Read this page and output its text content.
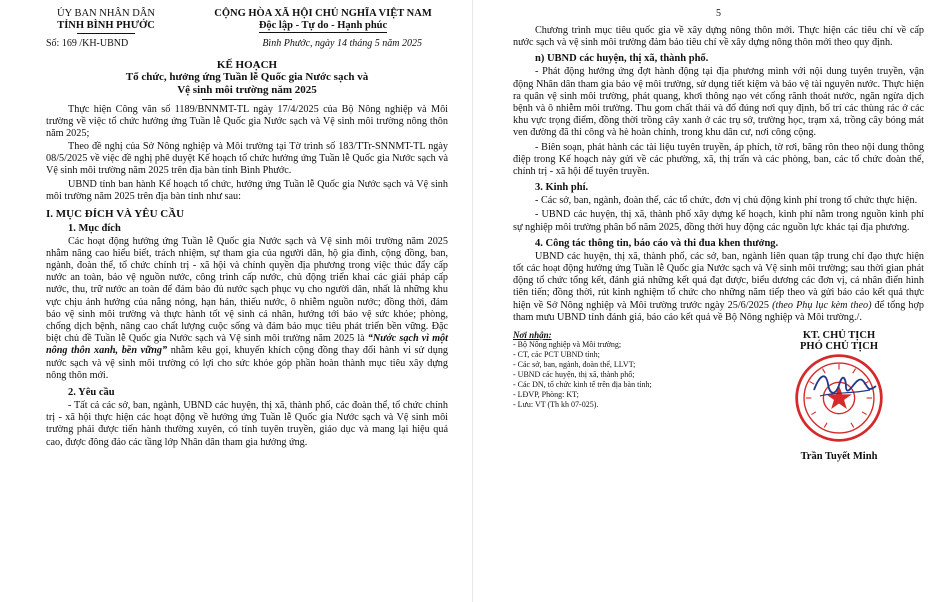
ỦY BAN NHÂN DÂN
TỈNH BÌNH PHƯỚC
CỘNG HÒA XÃ HỘI CHỦ NGHĨA VIỆT NAM
Độc lập - Tự do - Hạnh phúc
Số: 169 /KH-UBND	Bình Phước, ngày 14 tháng 5 năm 2025
KẾ HOẠCH
Tổ chức, hưởng ứng Tuần lễ Quốc gia Nước sạch và
Vệ sinh môi trường năm 2025

Thực hiện Công văn số 1189/BNNMT-TL ngày 17/4/2025 của Bộ Nông nghiệp và Môi trường về việc tổ chức hưởng ứng Tuần lễ Quốc gia Nước sạch và Vệ sinh môi trường nông thôn năm 2025;

Theo đề nghị của Sở Nông nghiệp và Môi trường tại Tờ trình số 183/TTr-SNNMT-TL ngày 08/5/2025 về việc đề nghị phê duyệt Kế hoạch tổ chức hưởng ứng Tuần lễ Quốc gia Nước sạch và Vệ sinh môi trường năm 2025 trên địa bàn tỉnh Bình Phước.

UBND tỉnh ban hành Kế hoạch tổ chức, hưởng ứng Tuần lễ Quốc gia Nước sạch và Vệ sinh môi trường năm 2025 trên địa bàn tỉnh như sau:

I. MỤC ĐÍCH VÀ YÊU CẦU
1. Mục đích

Các hoạt động hưởng ứng Tuần lễ Quốc gia Nước sạch và Vệ sinh môi trường năm 2025 nhằm nâng cao hiểu biết, trách nhiệm, sự tham gia của người dân, hộ gia đình, cộng đồng, ban, ngành, đoàn thể, tổ chức chính trị - xã hội và chính quyền địa phương trong việc thúc đẩy cấp nước an toàn, bảo vệ nguồn nước, công trình cấp nước, chủ động triển khai các giải pháp cấp nước, thu, trữ nước an toàn để đảm bảo đủ nước sạch phục vụ cho người dân, nhất là những khu vực chịu ảnh hưởng của nắng nóng, hạn hán, thiếu nước, ô nhiễm nguồn nước; đồng thời, đảm bảo vệ sinh môi trường và thực hành tốt vệ sinh cá nhân, hướng tới bảo vệ sức khỏe; phòng, chống dịch bệnh, nâng cao chất lượng cuộc sống và đảm bảo mục tiêu phát triển bền vững. Đặc biệt chủ đề Tuần lễ Quốc gia Nước sạch và Vệ sinh môi trường năm 2025 là “Nước sạch vì một nông thôn xanh, bền vững” nhằm kêu gọi, khuyến khích cộng đồng thay đổi hành vi sử dụng nước sạch và vệ sinh môi trường có lợi cho sức khỏe góp phần hoàn thành mục tiêu xây dựng nông thôn mới.

2. Yêu cầu

- Tất cả các sở, ban, ngành, UBND các huyện, thị xã, thành phố, các đoàn thể, tổ chức chính trị - xã hội thực hiện các hoạt động về hưởng ứng Tuần lễ Quốc gia Nước sạch và Vệ sinh môi trường phải được tiến hành thường xuyên, có tính tuyên truyền, giáo dục và mang lại hiệu quả cao, được đông đảo các tầng lớp Nhân dân tham gia hưởng ứng.

5

Chương trình mục tiêu quốc gia về xây dựng nông thôn mới. Thực hiện các tiêu chí về cấp nước sạch và vệ sinh môi trường đảm bảo tiêu chí về xây dựng nông thôn mới theo quy định.

n) UBND các huyện, thị xã, thành phố.

- Phát động hưởng ứng đợt hành động tại địa phương mình với nội dung tuyên truyền, vận động Nhân dân tham gia bảo vệ môi trường, sử dụng tiết kiệm và bảo vệ tài nguyên nước. Thực hiện ra quân vệ sinh môi trường, phát quang, khơi thông nạo vét cống rãnh thoát nước, ngăn ngừa dịch bệnh và ô nhiễm môi trường. Thu gom chất thải và đổ đúng nơi quy định, bố trí các thùng rác ở các khu vực trọng điểm, đồng thời trồng cây xanh ở các trụ sở, trường học, trạm xá, trồng cây bóng mát ven đường đã thi công và hè hoàn chỉnh, trong khu dân cư, nơi công cộng.

- Biên soạn, phát hành các tài liệu tuyên truyền, áp phích, tờ rơi, băng rôn theo nội dung thông điệp trong Kế hoạch này gửi về các phường, xã, thị trấn và các phòng, ban, các tổ chức đoàn thể, chính trị - xã hội để tuyên truyền.

3. Kinh phí.

- Các sở, ban, ngành, đoàn thể, các tổ chức, đơn vị chủ động kinh phí trong tổ chức thực hiện.

- UBND các huyện, thị xã, thành phố xây dựng kế hoạch, kinh phí nằm trong nguồn kinh phí sự nghiệp môi trường phân bổ năm 2025, đồng thời huy động các nguồn lực khác tại địa phương.

4. Công tác thông tin, báo cáo và thi đua khen thưởng.

UBND các huyện, thị xã, thành phố, các sở, ban, ngành liên quan tập trung chỉ đạo thực hiện tốt các hoạt động hưởng ứng Tuần lễ Quốc gia Nước sạch và Vệ sinh môi trường; sau thời gian phát động tổ chức tổng kết, đánh giá những kết quả đạt được, biểu dương các đơn vị, cá nhân điển hình tiên tiến; đồng thời, rút kinh nghiệm tổ chức cho những năm tiếp theo và gửi báo cáo kết quả thực hiện về Sở Nông nghiệp và Môi trường trước ngày 25/6/2025 (theo Phụ lục kèm theo) để tổng hợp tham mưu UBND tỉnh đánh giá, báo cáo kết quả về Bộ Nông nghiệp và Môi trường./.

Nơi nhận:
- Bộ Nông nghiệp và Môi trường;
- CT, các PCT UBND tỉnh;
- Các sở, ban, ngành, đoàn thể, LLVT;
- UBND các huyện, thị xã, thành phố;
- Các DN, tổ chức kinh tế trên địa bàn tỉnh;
- LĐVP, Phòng: KT;
- Lưu: VT (Th kh 07-025).
KT. CHỦ TỊCH
PHÓ CHỦ TỊCH
Trần Tuyết Minh
